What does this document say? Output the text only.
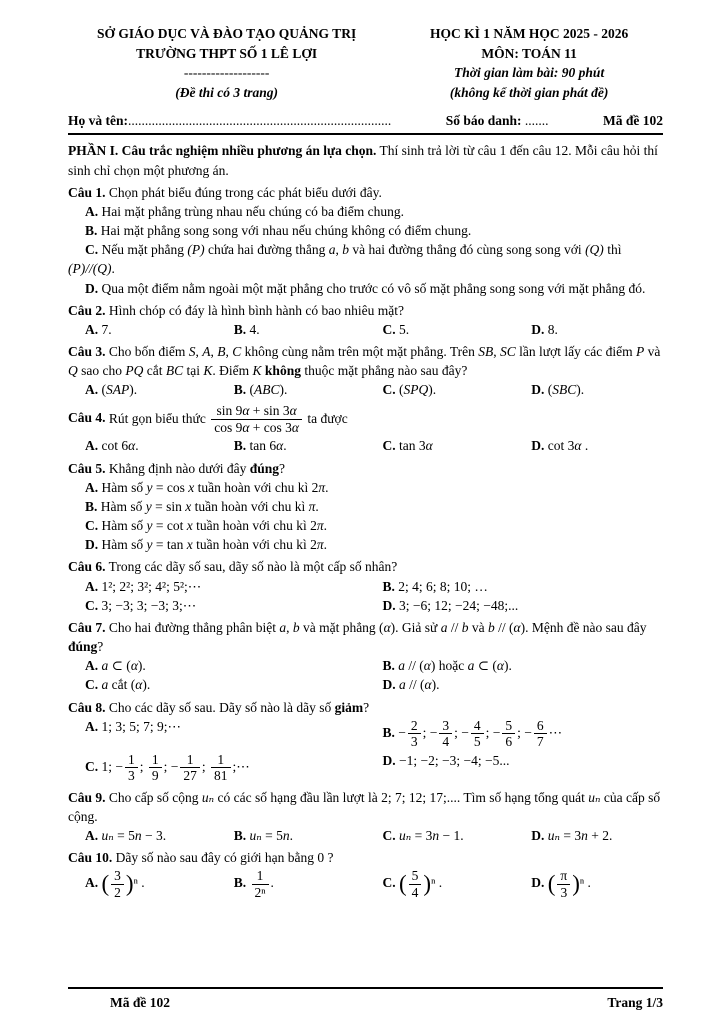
SỞ GIÁO DỤC VÀ ĐÀO TẠO QUẢNG TRỊ
TRƯỜNG THPT SỐ 1 LÊ LỢI
-------------------
(Đề thi có 3 trang)
HỌC KÌ 1 NĂM HỌC 2025 - 2026
MÔN: TOÁN 11
Thời gian làm bài: 90 phút
(không kể thời gian phát đề)
Họ và tên:..............................................................................	Số báo danh: .......	Mã đề 102

PHẦN I. Câu trắc nghiệm nhiều phương án lựa chọn. Thí sinh trả lời từ câu 1 đến câu 12. Mỗi câu hỏi thí sinh chỉ chọn một phương án.

Câu 1. Chọn phát biểu đúng trong các phát biểu dưới đây.

A. Hai mặt phẳng trùng nhau nếu chúng có ba điểm chung.

B. Hai mặt phẳng song song với nhau nếu chúng không có điểm chung.

C. Nếu mặt phẳng (P) chứa hai đường thẳng a, b và hai đường thẳng đó cùng song song với (Q) thì (P)//(Q).

D. Qua một điểm nằm ngoài một mặt phẳng cho trước có vô số mặt phẳng song song với mặt phẳng đó.

Câu 2. Hình chóp có đáy là hình bình hành có bao nhiêu mặt?

A. 7.	B. 4.	C. 5.	D. 8.

Câu 3. Cho bốn điểm S, A, B, C không cùng nằm trên một mặt phẳng. Trên SB, SC lần lượt lấy các điểm P và Q sao cho PQ cắt BC tại K. Điểm K không thuộc mặt phẳng nào sau đây?

A. (SAP).	B. (ABC).	C. (SPQ).	D. (SBC).

Câu 4. Rút gọn biểu thức $\frac{\sin 9\alpha + \sin 3\alpha}{\cos 9\alpha + \cos 3\alpha}$ ta được

A. cot 6α.	B. tan 6α.	C. tan 3α	D. cot 3α .

Câu 5. Khẳng định nào dưới đây đúng?

A. Hàm số y = cos x tuần hoàn với chu kì 2π.

B. Hàm số y = sin x tuần hoàn với chu kì π.

C. Hàm số y = cot x tuần hoàn với chu kì 2π.

D. Hàm số y = tan x tuần hoàn với chu kì 2π.

Câu 6. Trong các dãy số sau, dãy số nào là một cấp số nhân?

A. 1²; 2²; 3²; 4²; 5²;⋯	B. 2; 4; 6; 8; 10; …

C. 3; −3; 3; −3; 3;⋯	D. 3; −6; 12; −24; −48;...

Câu 7. Cho hai đường thẳng phân biệt a, b và mặt phẳng (α). Giả sử a // b và b // (α). Mệnh đề nào sau đây đúng?

A. a ⊂ (α).	B. a // (α) hoặc a ⊂ (α).

C. a cắt (α).	D. a // (α).

Câu 8. Cho các dãy số sau. Dãy số nào là dãy số giảm?

A. 1; 3; 5; 7; 9;⋯	B. − $\frac{2}{3}$ ; − $\frac{3}{4}$ ; − $\frac{4}{5}$ ; − $\frac{5}{6}$ ; − $\frac{6}{7}$ ⋯

C. 1; − $\frac{1}{3}$ ; $\frac{1}{9}$ ; − $\frac{1}{27}$ ; $\frac{1}{81}$ ;⋯	D. −1; −2; −3; −4; −5...

Câu 9. Cho cấp số cộng uₙ có các số hạng đầu lần lượt là 2; 7; 12; 17;.... Tìm số hạng tổng quát uₙ của cấp số cộng.

A. uₙ = 5n − 3.	B. uₙ = 5n.	C. uₙ = 3n − 1.	D. uₙ = 3n + 2.

Câu 10. Dãy số nào sau đây có giới hạn bằng 0 ?

A. ( $\frac{3}{2} )^n$ .	B. $\frac{1}{\text{2ⁿ}}$ .	C. ( $\frac{5}{4} )^n$ .	D. ( $\frac{\pi}{3} )^n$ .

Mã đề 102	Trang 1/3
